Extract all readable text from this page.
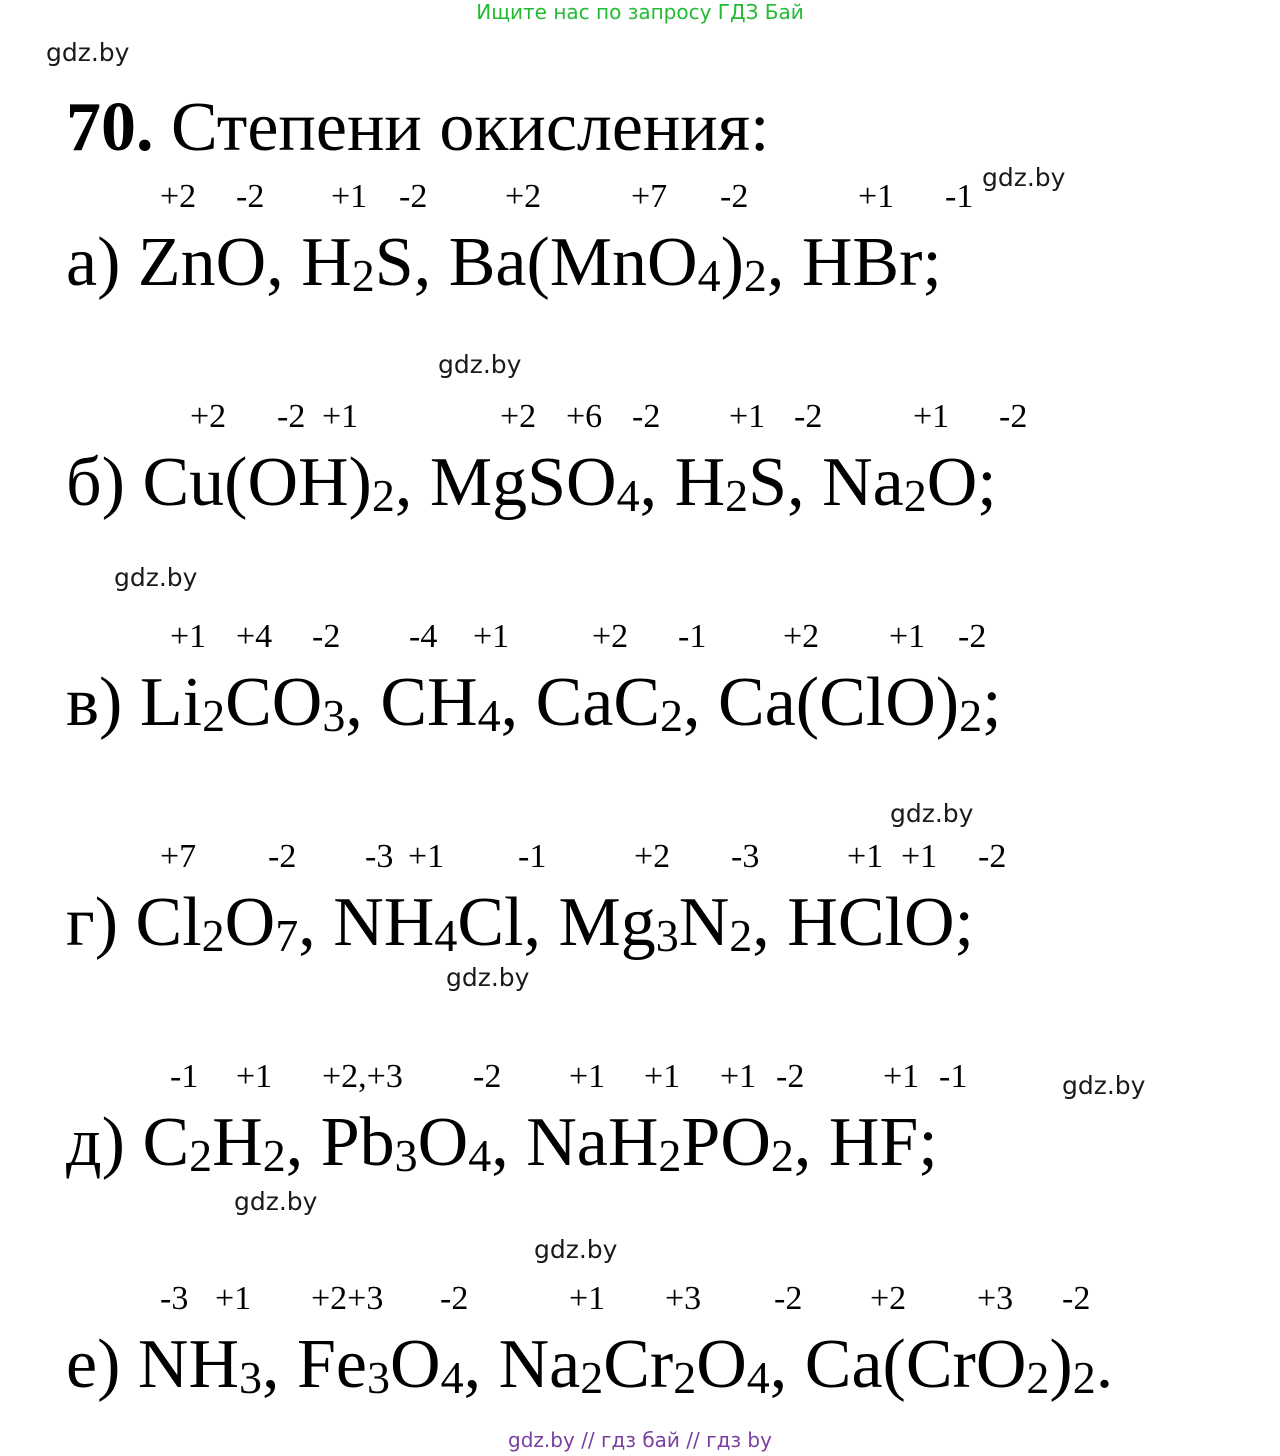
Ищите нас по запросу ГДЗ Бай
gdz.by
gdz.by
gdz.by
gdz.by
gdz.by
gdz.by
gdz.by
gdz.by
gdz.by
70. Степени окисления:
+2 -2 +1 -2 +2	+7 -2	+1 -1
а) ZnO, $H_2S$, $Ba(MnO_4)_2$, HBr;
+2 -2 +1	+2 +6 -2 +1 -2	+1 -2
б) $Cu(OH)_2$, MgSO$_4$, $H_2S$, $Na_2O$;
+1 +4 -2 -4 +1 +2 -1 +2 +1 -2
в) $Li_2CO_3$, $CH_4$, CaC$_2$, $Ca(ClO)_2$;
+7 -2 -3 +1 -1	+2 -3	+1 +1 -2
г) $Cl_2O_7$, $NH_4Cl$, $Mg_3N_2$, HClO;
-1 +1 +2,+3 -2 +1 +1 +1 -2 +1 -1
д) $C_2H_2$, $Pb_3O_4$, $NaH_2PO_2$, HF;
-3 +1 +2+3 -2	+1 +3 -2 +2 +3 -2
е) $NH_3$, $Fe_3O_4$, $Na_2Cr_2O_4$, $Ca(CrO_2)_2$.
gdz.by // гдз бай // гдз by
